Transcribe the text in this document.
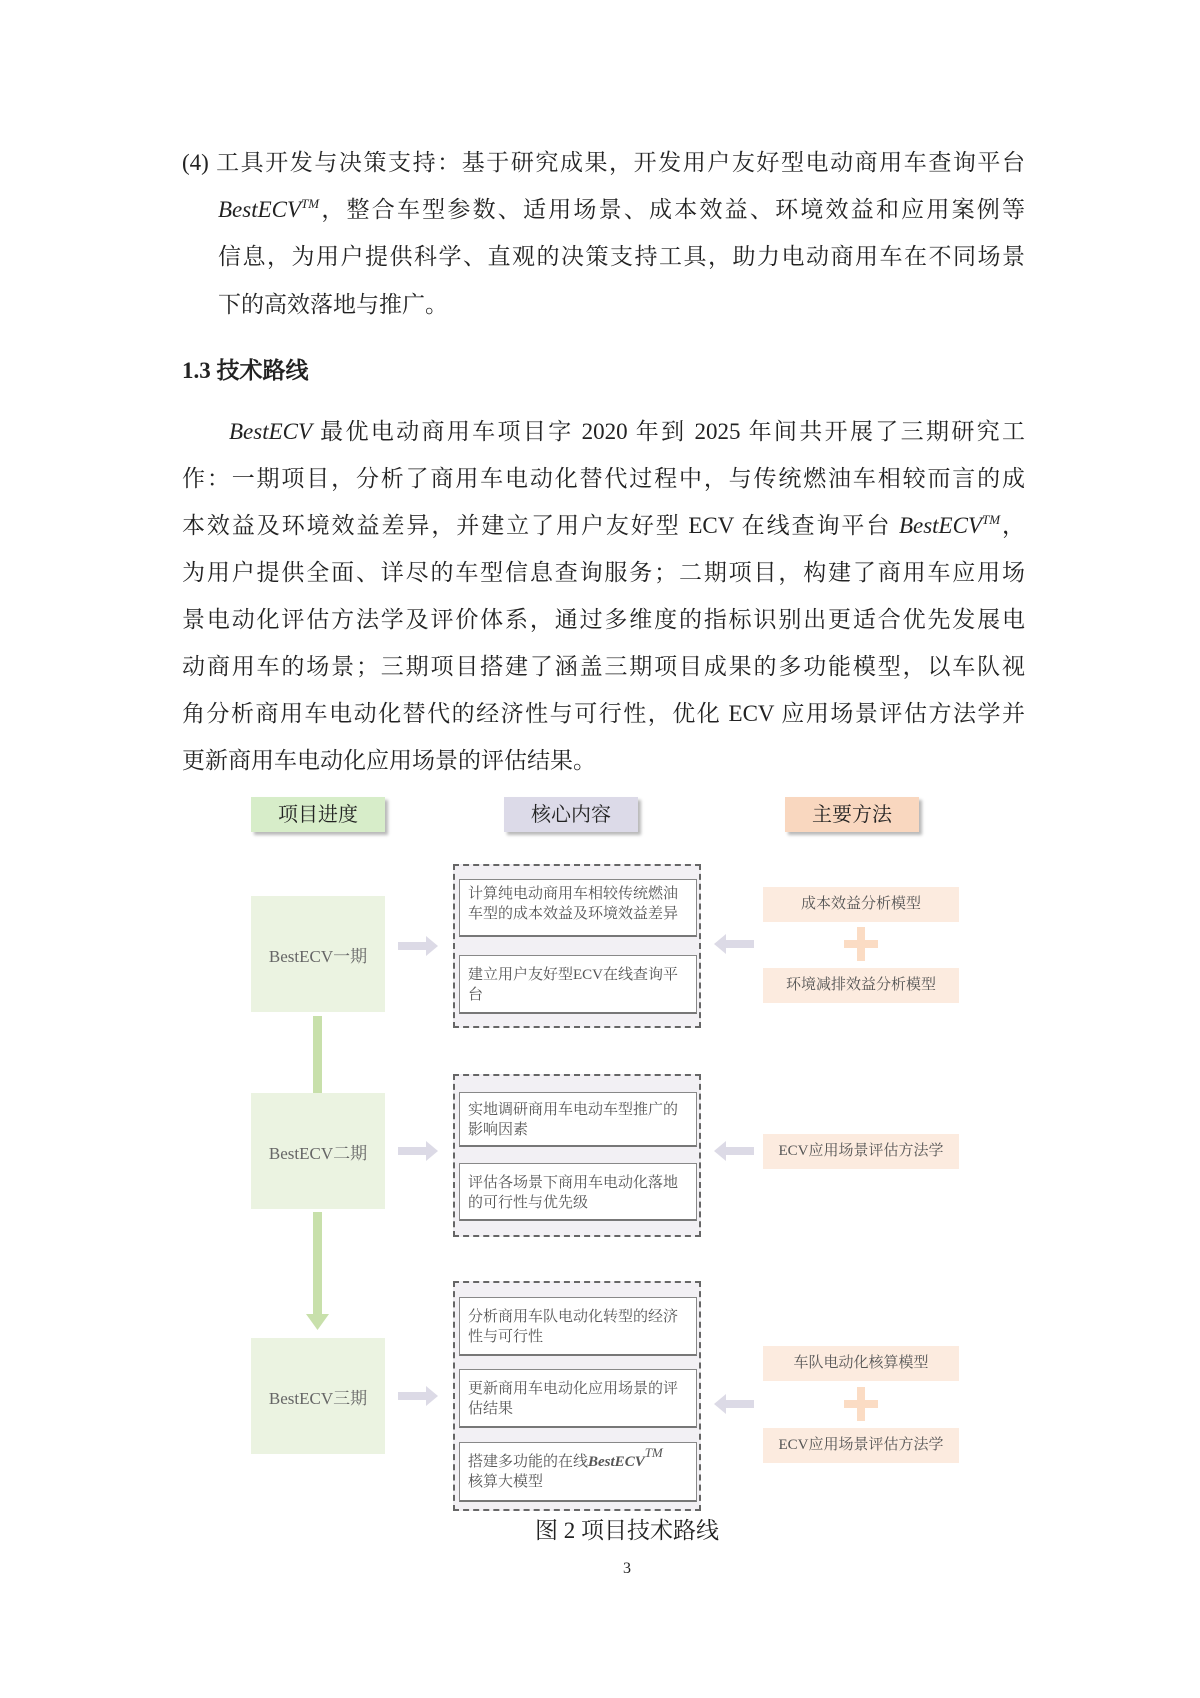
(4) 工具开发与决策支持：基于研究成果，开发用户友好型电动商用车查询平台
BestECV™，整合车型参数、适用场景、成本效益、环境效益和应用案例等
信息，为用户提供科学、直观的决策支持工具，助力电动商用车在不同场景
下的高效落地与推广。
1.3 技术路线
BestECV 最优电动商用车项目字 2020 年到 2025 年间共开展了三期研究工
作：一期项目，分析了商用车电动化替代过程中，与传统燃油车相较而言的成
本效益及环境效益差异，并建立了用户友好型 ECV 在线查询平台 BestECV™，
为用户提供全面、详尽的车型信息查询服务；二期项目，构建了商用车应用场
景电动化评估方法学及评价体系，通过多维度的指标识别出更适合优先发展电
动商用车的场景；三期项目搭建了涵盖三期项目成果的多功能模型，以车队视
角分析商用车电动化替代的经济性与可行性，优化 ECV 应用场景评估方法学并
更新商用车电动化应用场景的评估结果。
项目进度	核心内容	主要方法
BestECV一期
BestECV二期
BestECV三期
计算纯电动商用车相较传统燃油车型的成本效益及环境效益差异
建立用户友好型ECV在线查询平台
实地调研商用车电动车型推广的影响因素
评估各场景下商用车电动化落地的可行性与优先级
分析商用车队电动化转型的经济性与可行性
更新商用车电动化应用场景的评估结果
搭建多功能的在线BestECV™
核算大模型
成本效益分析模型
环境减排效益分析模型
ECV应用场景评估方法学
车队电动化核算模型
ECV应用场景评估方法学
图 2 项目技术路线
3
